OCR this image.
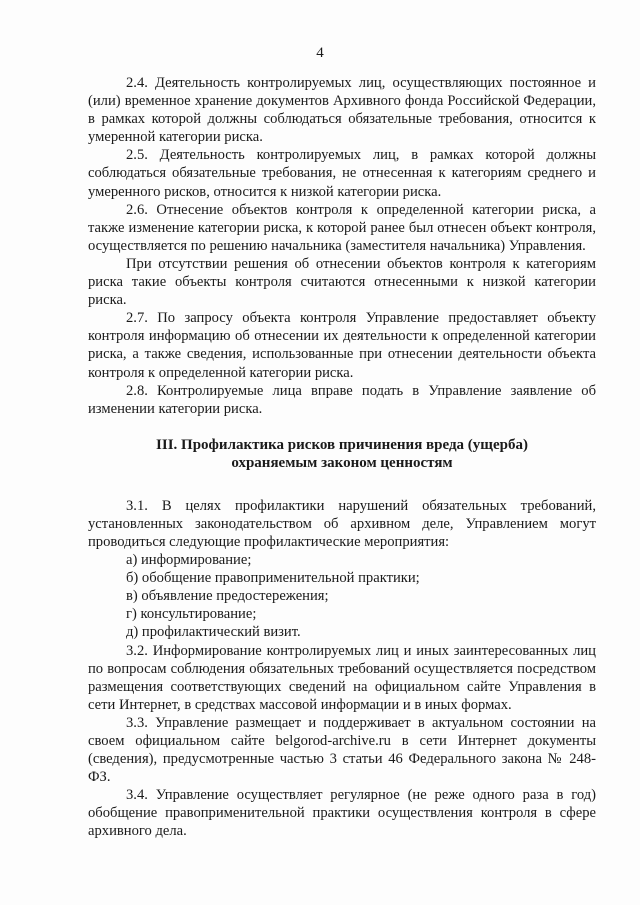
4

2.4. Деятельность контролируемых лиц, осуществляющих постоянное и (или) временное хранение документов Архивного фонда Российской Федерации, в рамках которой должны соблюдаться обязательные требования, относится к умеренной категории риска.

2.5. Деятельность контролируемых лиц, в рамках которой должны соблюдаться обязательные требования, не отнесенная к категориям среднего и умеренного рисков, относится к низкой категории риска.

2.6. Отнесение объектов контроля к определенной категории риска, а также изменение категории риска, к которой ранее был отнесен объект контроля, осуществляется по решению начальника (заместителя начальника) Управления.

При отсутствии решения об отнесении объектов контроля к категориям риска такие объекты контроля считаются отнесенными к низкой категории риска.

2.7. По запросу объекта контроля Управление предоставляет объекту контроля информацию об отнесении их деятельности к определенной категории риска, а также сведения, использованные при отнесении деятельности объекта контроля к определенной категории риска.

2.8. Контролируемые лица вправе подать в Управление заявление об изменении категории риска.

III. Профилактика рисков причинения вреда (ущерба)
охраняемым законом ценностям

3.1. В целях профилактики нарушений обязательных требований, установленных законодательством об архивном деле, Управлением могут проводиться следующие профилактические мероприятия:

а) информирование;

б) обобщение правоприменительной практики;

в) объявление предостережения;

г) консультирование;

д) профилактический визит.

3.2. Информирование контролируемых лиц и иных заинтересованных лиц по вопросам соблюдения обязательных требований осуществляется посредством размещения соответствующих сведений на официальном сайте Управления в сети Интернет, в средствах массовой информации и в иных формах.

3.3. Управление размещает и поддерживает в актуальном состоянии на своем официальном сайте belgorod-archive.ru в сети Интернет документы (сведения), предусмотренные частью 3 статьи 46 Федерального закона № 248-ФЗ.

3.4. Управление осуществляет регулярное (не реже одного раза в год) обобщение правоприменительной практики осуществления контроля в сфере архивного дела.
